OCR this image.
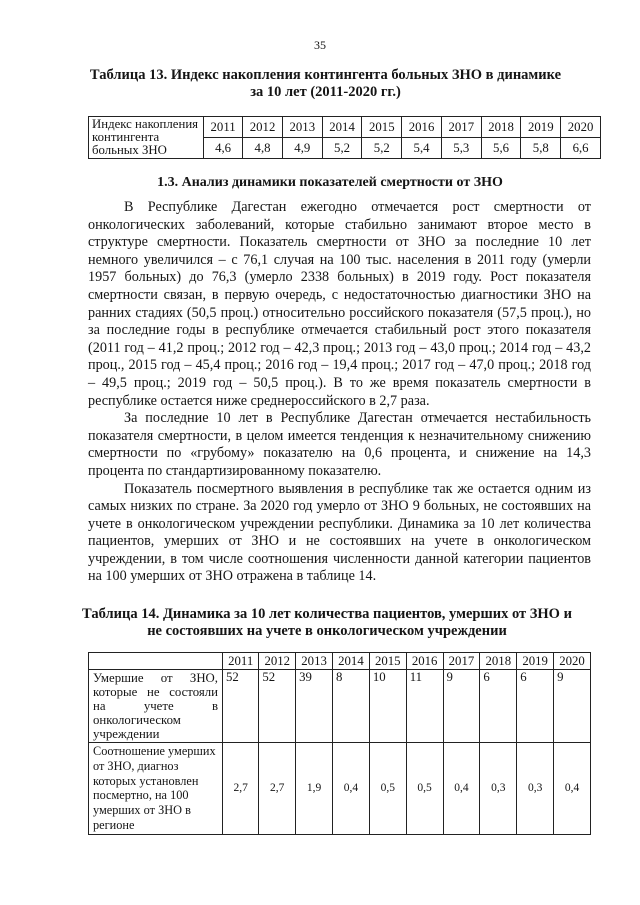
35

Таблица 13. Индекс накопления контингента больных ЗНО в динамике за 10 лет (2011-2020 гг.)

Индекс накопления контингента больных ЗНО	2011	2012	2013	2014	2015	2016	2017	2018	2019	2020
	4,6	4,8	4,9	5,2	5,2	5,4	5,3	5,6	5,8	6,6

1.3. Анализ динамики показателей смертности от ЗНО

В Республике Дагестан ежегодно отмечается рост смертности от онкологических заболеваний, которые стабильно занимают второе место в структуре смертности. Показатель смертности от ЗНО за последние 10 лет немного увеличился – с 76,1 случая на 100 тыс. населения в 2011 году (умерли 1957 больных) до 76,3 (умерло 2338 больных) в 2019 году. Рост показателя смертности связан, в первую очередь, с недостаточностью диагностики ЗНО на ранних стадиях (50,5 проц.) относительно российского показателя (57,5 проц.), но за последние годы в республике отмечается стабильный рост этого показателя (2011 год – 41,2 проц.; 2012 год – 42,3 проц.; 2013 год – 43,0 проц.; 2014 год – 43,2 проц., 2015 год – 45,4 проц.; 2016 год – 19,4 проц.; 2017 год – 47,0 проц.; 2018 год – 49,5 проц.; 2019 год – 50,5 проц.). В то же время показатель смертности в республике остается ниже среднероссийского в 2,7 раза.

За последние 10 лет в Республике Дагестан отмечается нестабильность показателя смертности, в целом имеется тенденция к незначительному снижению смертности по «грубому» показателю на 0,6 процента, и снижение на 14,3 процента по стандартизированному показателю.

Показатель посмертного выявления в республике так же остается одним из самых низких по стране. За 2020 год умерло от ЗНО 9 больных, не состоявших на учете в онкологическом учреждении республики. Динамика за 10 лет количества пациентов, умерших от ЗНО и не состоявших на учете в онкологическом учреждении, в том числе соотношения численности данной категории пациентов на 100 умерших от ЗНО отражена в таблице 14.

Таблица 14. Динамика за 10 лет количества пациентов, умерших от ЗНО и не состоявших на учете в онкологическом учреждении

	2011	2012	2013	2014	2015	2016	2017	2018	2019	2020
Умершие от ЗНО, которые не состояли на учете в онкологическом учреждении	52	52	39	8	10	11	9	6	6	9
Соотношение умерших от ЗНО, диагноз которых установлен посмертно, на 100 умерших от ЗНО в регионе	2,7	2,7	1,9	0,4	0,5	0,5	0,4	0,3	0,3	0,4
